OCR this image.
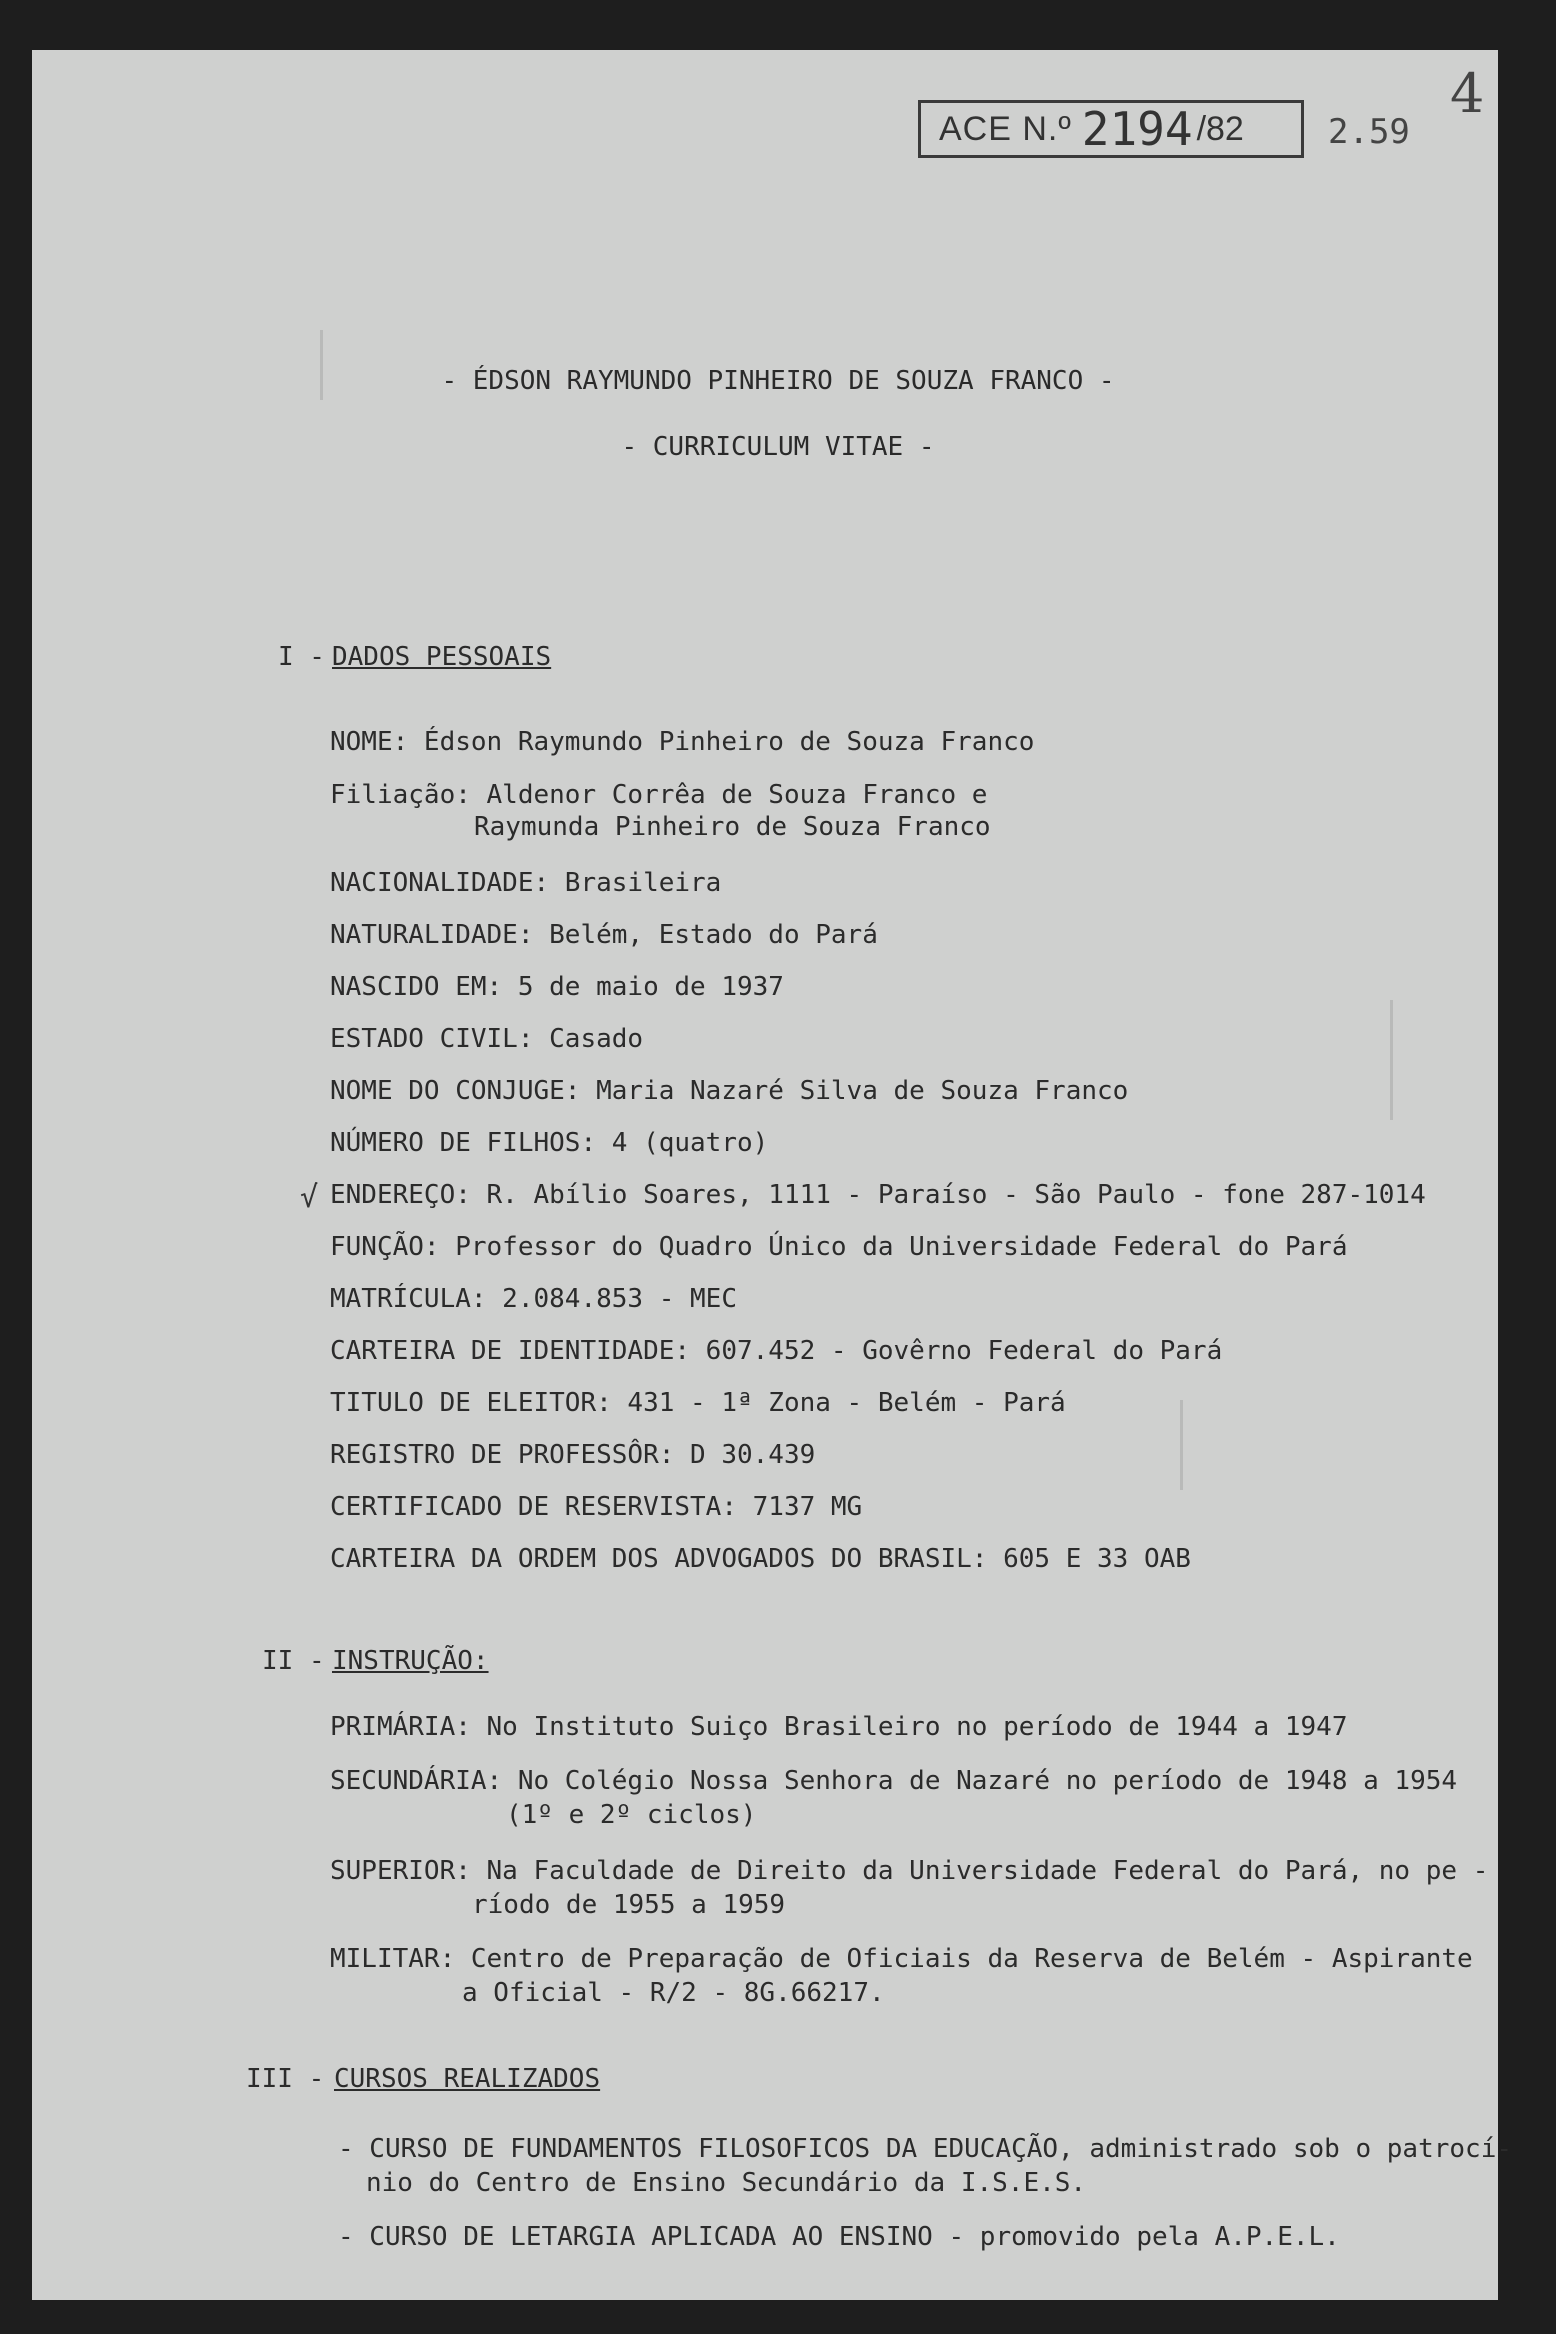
ACE N.º 2194 /82 2.59
4
- ÉDSON RAYMUNDO PINHEIRO DE SOUZA FRANCO -
- CURRICULUM VITAE -
I - DADOS PESSOAIS
NOME: Édson Raymundo Pinheiro de Souza Franco
Filiação: Aldenor Corrêa de Souza Franco e
Raymunda Pinheiro de Souza Franco
NACIONALIDADE: Brasileira
NATURALIDADE: Belém, Estado do Pará
NASCIDO EM: 5 de maio de 1937
ESTADO CIVIL: Casado
NOME DO CONJUGE: Maria Nazaré Silva de Souza Franco
NÚMERO DE FILHOS: 4 (quatro)
√ ENDEREÇO: R. Abílio Soares, 1111 - Paraíso - São Paulo - fone 287-1014
FUNÇÃO: Professor do Quadro Único da Universidade Federal do Pará
MATRÍCULA: 2.084.853 - MEC
CARTEIRA DE IDENTIDADE: 607.452 - Govêrno Federal do Pará
TITULO DE ELEITOR: 431 - 1ª Zona - Belém - Pará
REGISTRO DE PROFESSÔR: D 30.439
CERTIFICADO DE RESERVISTA: 7137 MG
CARTEIRA DA ORDEM DOS ADVOGADOS DO BRASIL: 605 E 33 OAB
II - INSTRUÇÃO:
PRIMÁRIA: No Instituto Suiço Brasileiro no período de 1944 a 1947
SECUNDÁRIA: No Colégio Nossa Senhora de Nazaré no período de 1948 a 1954
(1º e 2º ciclos)
SUPERIOR: Na Faculdade de Direito da Universidade Federal do Pará, no pe -
ríodo de 1955 a 1959
MILITAR: Centro de Preparação de Oficiais da Reserva de Belém - Aspirante
a Oficial - R/2 - 8G.66217.
III - CURSOS REALIZADOS
- CURSO DE FUNDAMENTOS FILOSOFICOS DA EDUCAÇÃO, administrado sob o patrocí-
nio do Centro de Ensino Secundário da I.S.E.S.
- CURSO DE LETARGIA APLICADA AO ENSINO - promovido pela A.P.E.L.
